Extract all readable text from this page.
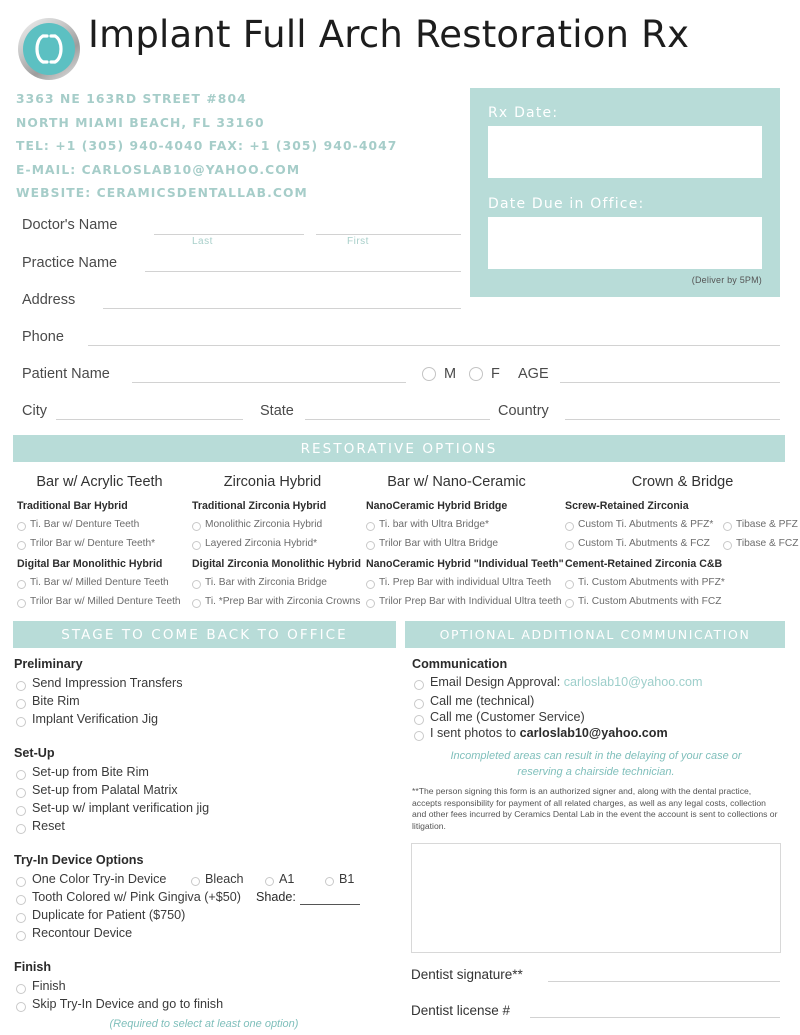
Implant Full Arch Restoration Rx
3363 NE 163RD STREET #804
NORTH MIAMI BEACH, FL 33160
TEL: +1 (305) 940-4040 FAX: +1 (305) 940-4047
E-MAIL: CARLOSLAB10@YAHOO.COM
WEBSITE: CERAMICSDENTALLAB.COM
Rx Date:
Date Due in Office:
(Deliver by 5PM)
Doctor's Name
Last	First
Practice Name
Address
Phone
Patient Name	M F AGE
City	State	Country
RESTORATIVE OPTIONS
Bar w/ Acrylic Teeth
Traditional Bar Hybrid
Ti. Bar w/ Denture Teeth
Trilor Bar w/ Denture Teeth*
Digital Bar Monolithic Hybrid
Ti. Bar w/ Milled Denture Teeth
Trilor Bar w/ Milled Denture Teeth
Zirconia Hybrid
Traditional Zirconia Hybrid
Monolithic Zirconia Hybrid
Layered Zirconia Hybrid*
Digital Zirconia Monolithic Hybrid
Ti. Bar with Zirconia Bridge
Ti. *Prep Bar with Zirconia Crowns
Bar w/ Nano-Ceramic
NanoCeramic Hybrid Bridge
Ti. bar with Ultra Bridge*
Trilor Bar with Ultra Bridge
NanoCeramic Hybrid "Individual Teeth"
Ti. Prep Bar with individual Ultra Teeth
Trilor Prep Bar with Individual Ultra teeth
Crown & Bridge
Screw-Retained Zirconia
Custom Ti. Abutments & PFZ*
Custom Ti. Abutments & FCZ
Tibase & PFZ
Tibase & FCZ
Cement-Retained Zirconia C&B
Ti. Custom Abutments with PFZ*
Ti. Custom Abutments with FCZ
STAGE TO COME BACK TO OFFICE
Preliminary
Send Impression Transfers
Bite Rim
Implant Verification Jig
Set-Up
Set-up from Bite Rim
Set-up from Palatal Matrix
Set-up w/ implant verification jig
Reset
Try-In Device Options
One Color Try-in Device	Bleach	A1	B1
Tooth Colored w/ Pink Gingiva (+$50) Shade:
Duplicate for Patient ($750)
Recontour Device
Finish
Finish
Skip Try-In Device and go to finish
(Required to select at least one option)
OPTIONAL ADDITIONAL COMMUNICATION
Communication
Email Design Approval: carloslab10@yahoo.com
Call me (technical)
Call me (Customer Service)
I sent photos to carloslab10@yahoo.com
Incompleted areas can result in the delaying of your case or
reserving a chairside technician.
**The person signing this form is an authorized signer and, along with the dental practice, accepts responsibility for payment of all related charges, as well as any legal costs, collection and other fees incurred by Ceramics Dental Lab in the event the account is sent to collections or litigation.
Dentist signature**
Dentist license #
